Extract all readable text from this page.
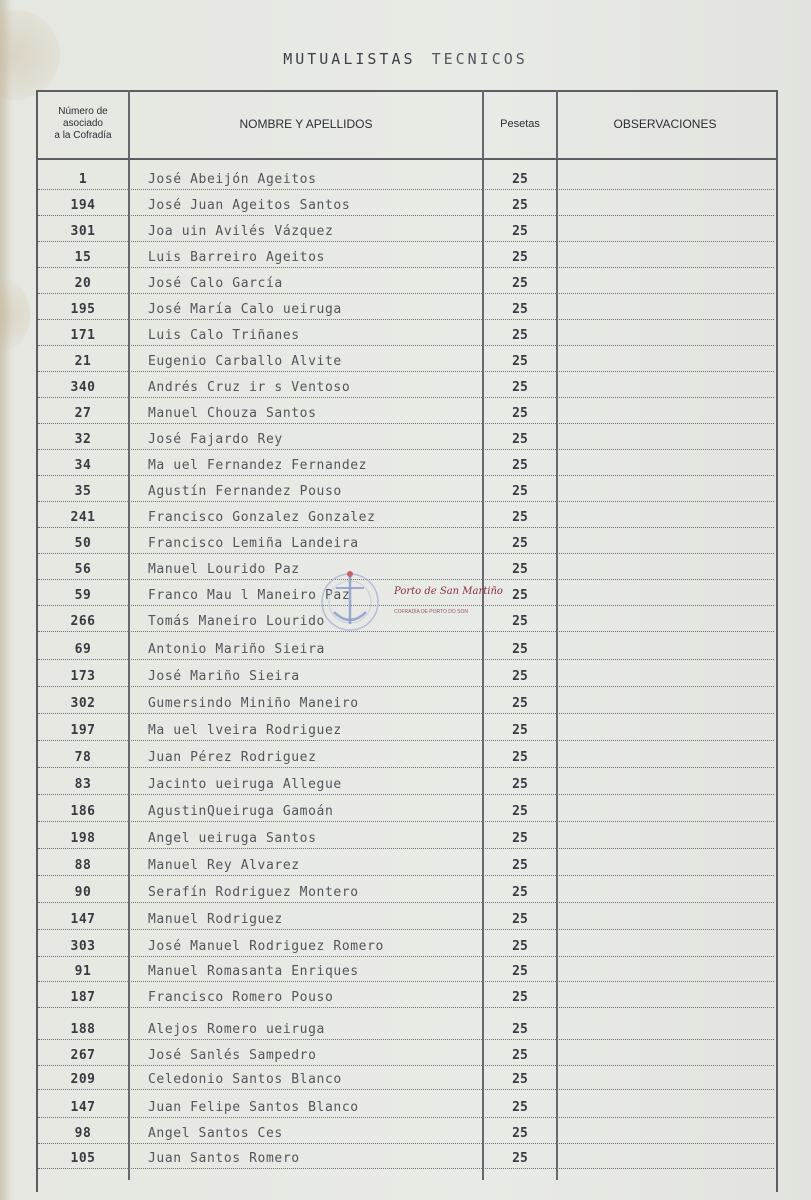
MUTUALISTAS TECNICOS
Número de
asociado
a la Cofradía
NOMBRE Y APELLIDOS	Pesetas	OBSERVACIONES
1	José Abeijón Ageitos	25
194	José Juan Ageitos Santos	25
301	Joa uin Avilés Vázquez	25
15	Luis Barreiro Ageitos	25
20	José Calo García	25
195	José María Calo ueiruga	25
171	Luis Calo Triñanes	25
21	Eugenio Carballo Alvite	25
340	Andrés Cruz ir s Ventoso	25
27	Manuel Chouza Santos	25
32	José Fajardo Rey	25
34	Ma uel Fernandez Fernandez	25
35	Agustín Fernandez Pouso	25
241	Francisco Gonzalez Gonzalez	25
50	Francisco Lemiña Landeira	25
56	Manuel Lourido Paz	25
59	Franco Mau l Maneiro Paz	25
266	Tomás Maneiro Lourido	25
69	Antonio Mariño Sieira	25
173	José Mariño Sieira	25
302	Gumersindo Miniño Maneiro	25
197	Ma uel lveira Rodriguez	25
78	Juan Pérez Rodriguez	25
83	Jacinto ueiruga Allegue	25
186	AgustinQueiruga Gamoán	25
198	Angel ueiruga Santos	25
88	Manuel Rey Alvarez	25
90	Serafín Rodriguez Montero	25
147	Manuel Rodriguez	25
303	José Manuel Rodriguez Romero	25
91	Manuel Romasanta Enriques	25
187	Francisco Romero Pouso	25
188	Alejos Romero ueiruga	25
267	José Sanlés Sampedro	25
209	Celedonio Santos Blanco	25
147	Juan Felipe Santos Blanco	25
98	Angel Santos Ces	25
105	Juan Santos Romero	25
Porto de San Martiño
COFRADÍA DE PORTO DO SON
